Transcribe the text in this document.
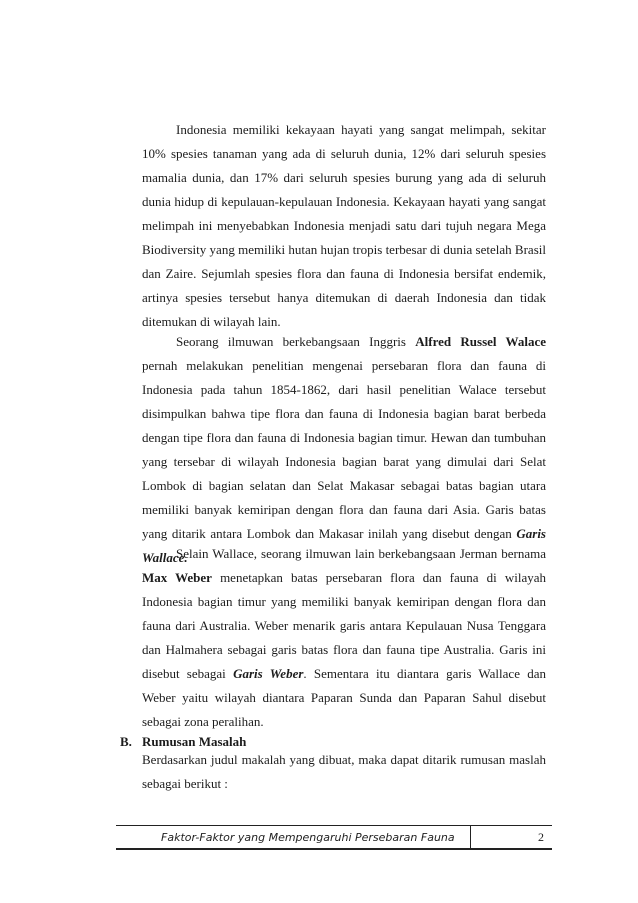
Indonesia memiliki kekayaan hayati yang sangat melimpah, sekitar 10% spesies tanaman yang ada di seluruh dunia, 12% dari seluruh spesies mamalia dunia, dan 17% dari seluruh spesies burung yang ada di seluruh dunia hidup di kepulauan-kepulauan Indonesia. Kekayaan hayati yang sangat melimpah ini menyebabkan Indonesia menjadi satu dari tujuh negara Mega Biodiversity yang memiliki hutan hujan tropis terbesar di dunia setelah Brasil dan Zaire. Sejumlah spesies flora dan fauna di Indonesia bersifat endemik, artinya spesies tersebut hanya ditemukan di daerah Indonesia dan tidak ditemukan di wilayah lain.

Seorang ilmuwan berkebangsaan Inggris Alfred Russel Walace pernah melakukan penelitian mengenai persebaran flora dan fauna di Indonesia pada tahun 1854-1862, dari hasil penelitian Walace tersebut disimpulkan bahwa tipe flora dan fauna di Indonesia bagian barat berbeda dengan tipe flora dan fauna di Indonesia bagian timur. Hewan dan tumbuhan yang tersebar di wilayah Indonesia bagian barat yang dimulai dari Selat Lombok di bagian selatan dan Selat Makasar sebagai batas bagian utara memiliki banyak kemiripan dengan flora dan fauna dari Asia. Garis batas yang ditarik antara Lombok dan Makasar inilah yang disebut dengan Garis Wallace.

Selain Wallace, seorang ilmuwan lain berkebangsaan Jerman bernama Max Weber menetapkan batas persebaran flora dan fauna di wilayah Indonesia bagian timur yang memiliki banyak kemiripan dengan flora dan fauna dari Australia. Weber menarik garis antara Kepulauan Nusa Tenggara dan Halmahera sebagai garis batas flora dan fauna tipe Australia. Garis ini disebut sebagai Garis Weber. Sementara itu diantara garis Wallace dan Weber yaitu wilayah diantara Paparan Sunda dan Paparan Sahul disebut sebagai zona peralihan.

B. Rumusan Masalah

Berdasarkan judul makalah yang dibuat, maka dapat ditarik rumusan maslah sebagai berikut :

Faktor-Faktor yang Mempengaruhi Persebaran Fauna	2
